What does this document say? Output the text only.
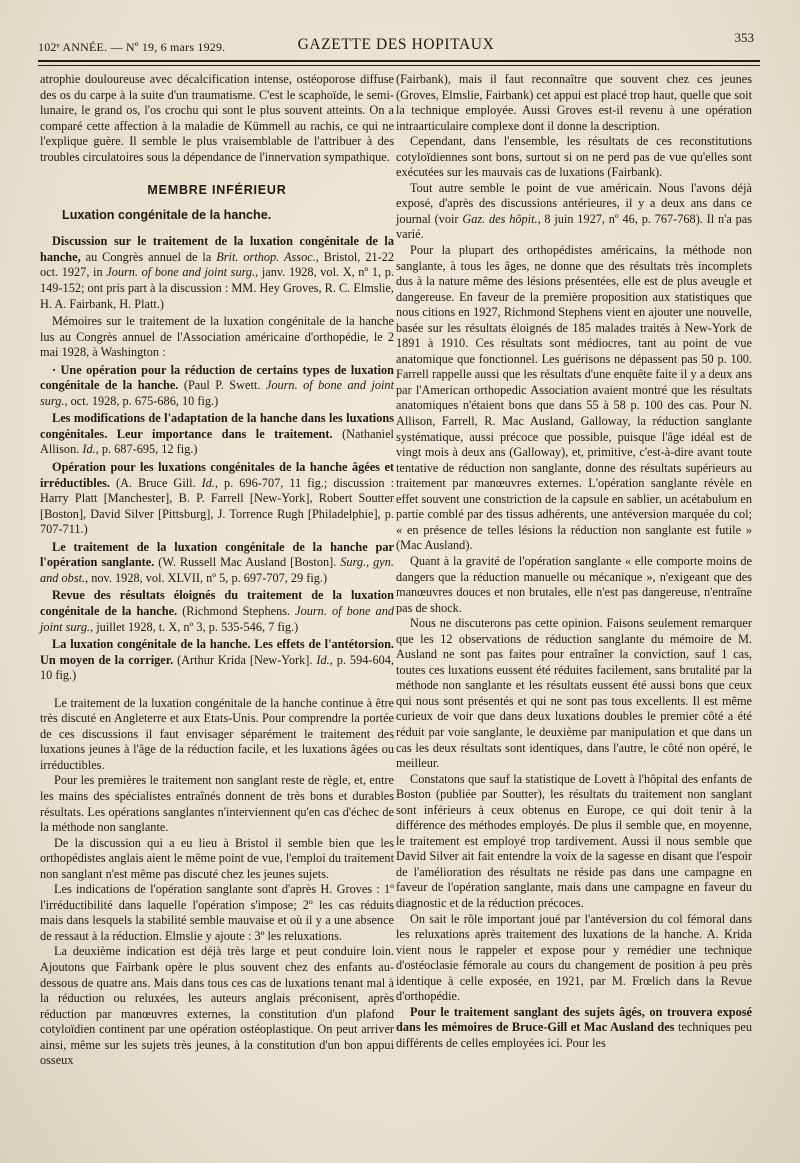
102ᵉ ANNÉE. — Nº 19, 6 mars 1929.	GAZETTE DES HOPITAUX	353

atrophie douloureuse avec décalcification intense, ostéoporose diffuse des os du carpe à la suite d'un traumatisme. C'est le scaphoïde, le semi-lunaire, le grand os, l'os crochu qui sont le plus souvent atteints. On a comparé cette affection à la maladie de Kümmell au rachis, ce qui ne l'explique guère. Il semble le plus vraisemblable de l'attribuer à des troubles circulatoires sous la dépendance de l'innervation sympathique.

MEMBRE INFÉRIEUR
Luxation congénitale de la hanche.

Discussion sur le traitement de la luxation congénitale de la hanche, au Congrès annuel de la Brit. orthop. Assoc., Bristol, 21-22 oct. 1927, in Journ. of bone and joint surg., janv. 1928, vol. X, nº 1, p. 149-152; ont pris part à la discussion : MM. Hey Groves, R. C. Elmslie, H. A. Fairbank, H. Platt.)

Mémoires sur le traitement de la luxation congénitale de la hanche lus au Congrès annuel de l'Association américaine d'orthopédie, le 2 mai 1928, à Washington :

· Une opération pour la réduction de certains types de luxation congénitale de la hanche. (Paul P. Swett. Journ. of bone and joint surg., oct. 1928, p. 675-686, 10 fig.)

Les modifications de l'adaptation de la hanche dans les luxations congénitales. Leur importance dans le traitement. (Nathaniel Allison. Id., p. 687-695, 12 fig.)

Opération pour les luxations congénitales de la hanche âgées et irréductibles. (A. Bruce Gill. Id., p. 696-707, 11 fig.; discussion : Harry Platt [Manchester], B. P. Farrell [New-York], Robert Soutter [Boston], David Silver [Pittsburg], J. Torrence Rugh [Philadelphie], p. 707-711.)

Le traitement de la luxation congénitale de la hanche par l'opération sanglante. (W. Russell Mac Ausland [Boston]. Surg., gyn. and obst., nov. 1928, vol. XLVII, nº 5, p. 697-707, 29 fig.)

Revue des résultats éloignés du traitement de la luxation congénitale de la hanche. (Richmond Stephens. Journ. of bone and joint surg., juillet 1928, t. X, nº 3, p. 535-546, 7 fig.)

La luxation congénitale de la hanche. Les effets de l'antétorsion. Un moyen de la corriger. (Arthur Krida [New-York]. Id., p. 594-604, 10 fig.)

Le traitement de la luxation congénitale de la hanche continue à être très discuté en Angleterre et aux Etats-Unis. Pour comprendre la portée de ces discussions il faut envisager séparément le traitement des luxations jeunes à l'âge de la réduction facile, et les luxations âgées ou irréductibles.

Pour les premières le traitement non sanglant reste de règle, et, entre les mains des spécialistes entraînés donnent de très bons et durables résultats. Les opérations sanglantes n'interviennent qu'en cas d'échec de la méthode non sanglante.

De la discussion qui a eu lieu à Bristol il semble bien que les orthopédistes anglais aient le même point de vue, l'emploi du traitement non sanglant n'est même pas discuté chez les jeunes sujets.

Les indications de l'opération sanglante sont d'après H. Groves : 1º l'irréductibilité dans laquelle l'opération s'impose; 2º les cas réduits mais dans lesquels la stabilité semble mauvaise et où il y a une absence de ressaut à la réduction. Elmslie y ajoute : 3º les reluxations.

La deuxième indication est déjà très large et peut conduire loin. Ajoutons que Fairbank opère le plus souvent chez des enfants au-dessous de quatre ans. Mais dans tous ces cas de luxations tenant mal à la réduction ou reluxées, les auteurs anglais préconisent, après réduction par manœuvres externes, la constitution d'un plafond cotyloïdien continent par une opération ostéoplastique. On peut arriver ainsi, même sur les sujets très jeunes, à la constitution d'un bon appui osseux

(Fairbank), mais il faut reconnaître que souvent chez ces jeunes (Groves, Elmslie, Fairbank) cet appui est placé trop haut, quelle que soit la technique employée. Aussi Groves est-il revenu à une opération intraarticulaire complexe dont il donne la description.

Cependant, dans l'ensemble, les résultats de ces reconstitutions cotyloïdiennes sont bons, surtout si on ne perd pas de vue qu'elles sont exécutées sur les mauvais cas de luxations (Fairbank).

Tout autre semble le point de vue américain. Nous l'avons déjà exposé, d'après des discussions antérieures, il y a deux ans dans ce journal (voir Gaz. des hôpit., 8 juin 1927, nº 46, p. 767-768). Il n'a pas varié.

Pour la plupart des orthopédistes américains, la méthode non sanglante, à tous les âges, ne donne que des résultats très incomplets dus à la nature même des lésions présentées, elle est de plus aveugle et dangereuse. En faveur de la première proposition aux statistiques que nous citions en 1927, Richmond Stephens vient en ajouter une nouvelle, basée sur les résultats éloignés de 185 malades traités à New-York de 1891 à 1910. Ces résultats sont médiocres, tant au point de vue anatomique que fonctionnel. Les guérisons ne dépassent pas 50 p. 100. Farrell rappelle aussi que les résultats d'une enquête faite il y a deux ans par l'American orthopedic Association avaient montré que les résultats anatomiques n'étaient bons que dans 55 à 58 p. 100 des cas. Pour N. Allison, Farrell, R. Mac Ausland, Galloway, la réduction sanglante systématique, aussi précoce que possible, puisque l'âge idéal est de vingt mois à deux ans (Galloway), et, primitive, c'est-à-dire avant toute tentative de réduction non sanglante, donne des résultats supérieurs au traitement par manœuvres externes. L'opération sanglante révèle en effet souvent une constriction de la capsule en sablier, un acétabulum en partie comblé par des tissus adhérents, une antéversion marquée du col; « en présence de telles lésions la réduction non sanglante est futile » (Mac Ausland).

Quant à la gravité de l'opération sanglante « elle comporte moins de dangers que la réduction manuelle ou mécanique », n'exigeant que des manœuvres douces et non brutales, elle n'est pas dangereuse, n'entraîne pas de shock.

Nous ne discuterons pas cette opinion. Faisons seulement remarquer que les 12 observations de réduction sanglante du mémoire de M. Ausland ne sont pas faites pour entraîner la conviction, sauf 1 cas, toutes ces luxations eussent été réduites facilement, sans brutalité par la méthode non sanglante et les résultats eussent été aussi bons que ceux qui nous sont présentés et qui ne sont pas tous excellents. Il est même curieux de voir que dans deux luxations doubles le premier côté a été réduit par voie sanglante, le deuxième par manipulation et que dans un cas les deux résultats sont identiques, dans l'autre, le côté non opéré, le meilleur.

Constatons que sauf la statistique de Lovett à l'hôpital des enfants de Boston (publiée par Soutter), les résultats du traitement non sanglant sont inférieurs à ceux obtenus en Europe, ce qui doit tenir à la différence des méthodes employés. De plus il semble que, en moyenne, le traitement est employé trop tardivement. Aussi il nous semble que David Silver ait fait entendre la voix de la sagesse en disant que l'espoir de l'amélioration des résultats ne réside pas dans une campagne en faveur de l'opération sanglante, mais dans une campagne en faveur du diagnostic et de la réduction précoces.

On sait le rôle important joué par l'antéversion du col fémoral dans les reluxations après traitement des luxations de la hanche. A. Krida vient nous le rappeler et expose pour y remédier une technique d'ostéoclasie fémorale au cours du changement de position à peu près identique à celle exposée, en 1921, par M. Frœlich dans la Revue d'orthopédie.

Pour le traitement sanglant des sujets âgés, on trouvera exposé dans les mémoires de Bruce-Gill et Mac Ausland des techniques peu différents de celles employées ici. Pour les
